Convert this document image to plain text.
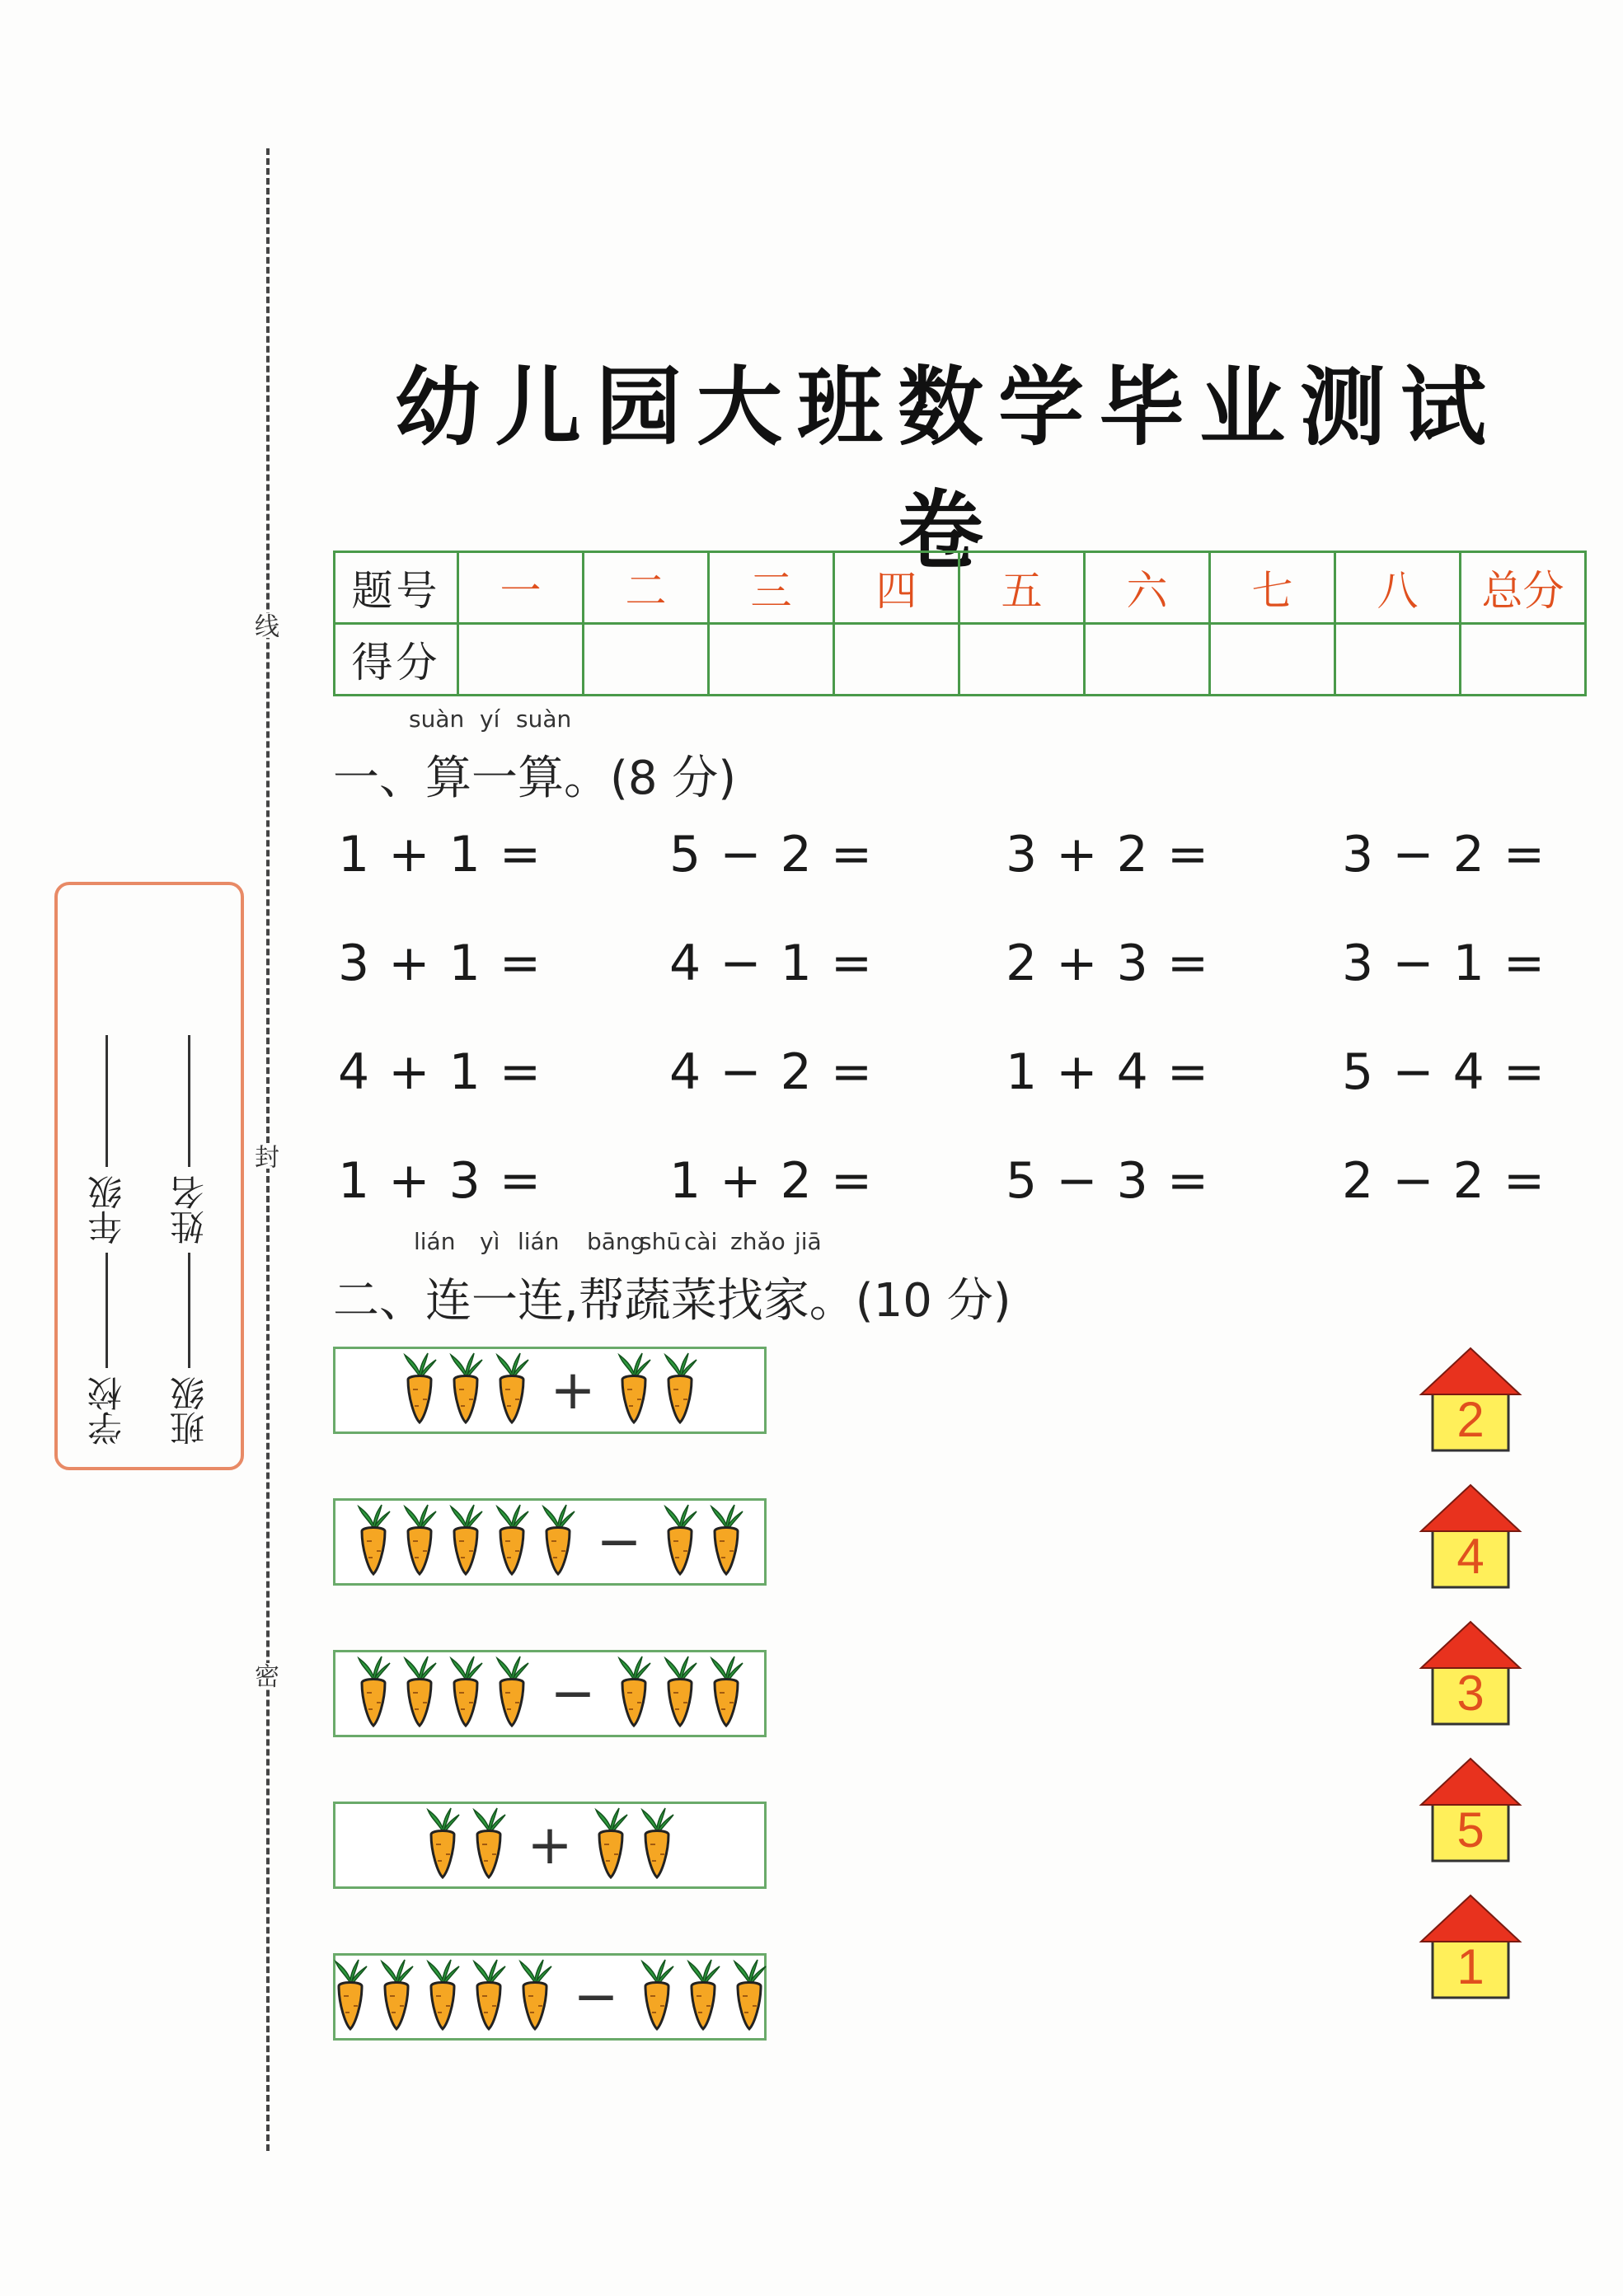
线
封
密
学校
年级
班级
姓名
幼儿园大班数学毕业测试卷
题号	一	二	三	四	五	六	七	八	总分
得分									
suàn yí suàn
一、算一算。(8 分)
1 + 1 =	5 − 2 =	3 + 2 =	3 − 2 =
3 + 1 =	4 − 1 =	2 + 3 =	3 − 1 =
4 + 1 =	4 − 2 =	1 + 4 =	5 − 4 =
1 + 3 =	1 + 2 =	5 − 3 =	2 − 2 =
lián yì lián bāng
shū cài zhǎo jiā
二、连一连,帮蔬菜找家。(10 分)
+
−
−
+
−
2
4
3
5
1
